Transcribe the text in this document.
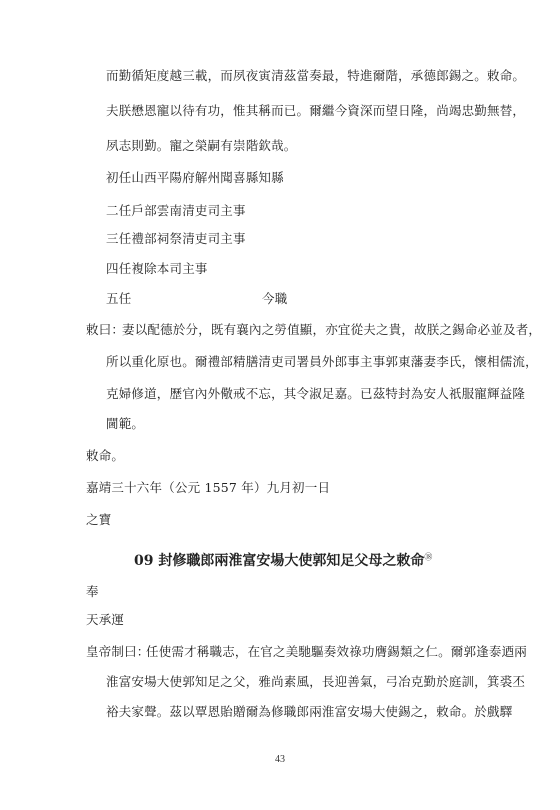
而勤循矩度越三載，而夙夜寅清茲當奏最，特進爾階，承德郎錫之。敕命。
夫朕懋恩寵以待有功，惟其稱而已。爾繼今資深而望日隆，尚竭忠勤無替，
夙志則勤。寵之榮嗣有崇階欽哉。
初任山西平陽府解州聞喜縣知縣
二任戶部雲南清吏司主事
三任禮部祠祭清吏司主事
四任複除本司主事
五任	今職
敕曰：
妻以配德於分，既有襄內之勞值顯，亦宜從夫之貴，故朕之錫命必並及者，
所以重化原也。爾禮部精膳清吏司署員外郎事主事郭東藩妻李氏，懷相儒流，
克婦修道，歷官內外儆戒不忘，其令淑足嘉。已茲特封為安人祇服寵輝益隆
閫範。
敕命。
嘉靖三十六年（公元 1557 年）九月初一日
之寶
09 封修職郎兩淮富安場大使郭知足父母之敕命⑱
奉
天承運
皇帝制曰：
任使需才稱職志，在官之美馳驅奏效祿功膺錫類之仁。爾郭逢泰迺兩
淮富安場大使郭知足之父，雅尚素風，長迎善氣，弓冶克勤於庭訓，箕裘丕
裕夫家聲。茲以覃恩貽贈爾為修職郎兩淮富安場大使錫之，敕命。於戲驛
43
